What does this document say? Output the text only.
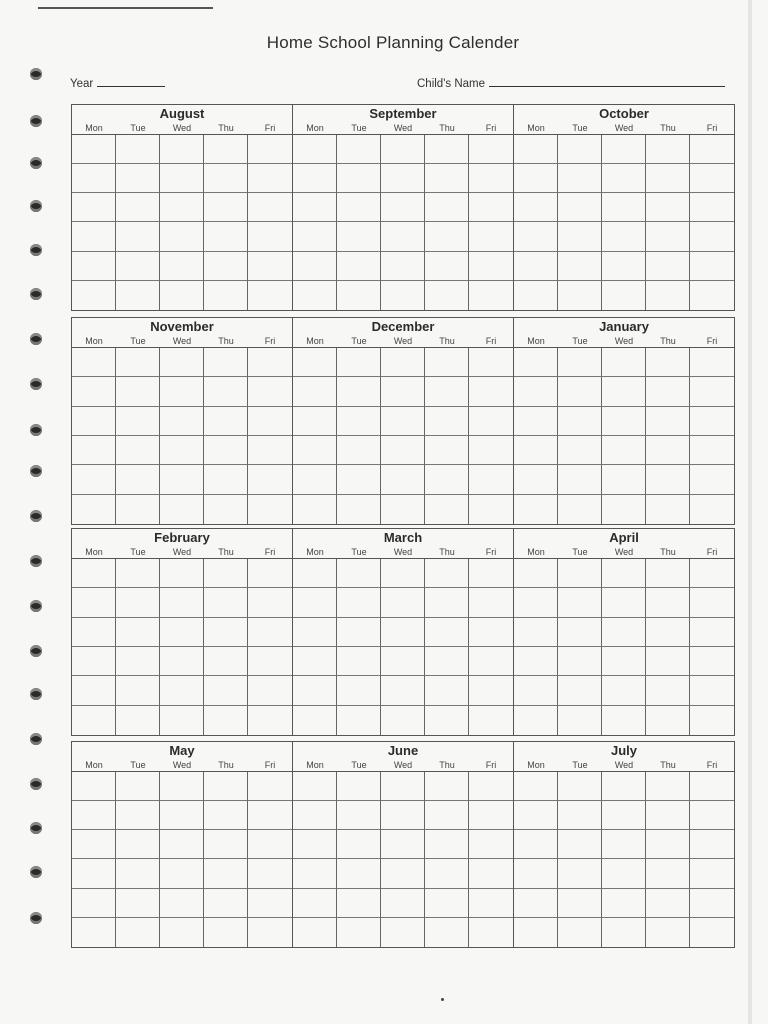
Home School Planning Calender
Year	Child's Name
August
Mon	Tue	Wed	Thu	Fri
September
Mon	Tue	Wed	Thu	Fri
October
Mon	Tue	Wed	Thu	Fri
November
Mon	Tue	Wed	Thu	Fri
December
Mon	Tue	Wed	Thu	Fri
January
Mon	Tue	Wed	Thu	Fri
February
Mon	Tue	Wed	Thu	Fri
March
Mon	Tue	Wed	Thu	Fri
April
Mon	Tue	Wed	Thu	Fri
May
Mon	Tue	Wed	Thu	Fri
June
Mon	Tue	Wed	Thu	Fri
July
Mon	Tue	Wed	Thu	Fri
